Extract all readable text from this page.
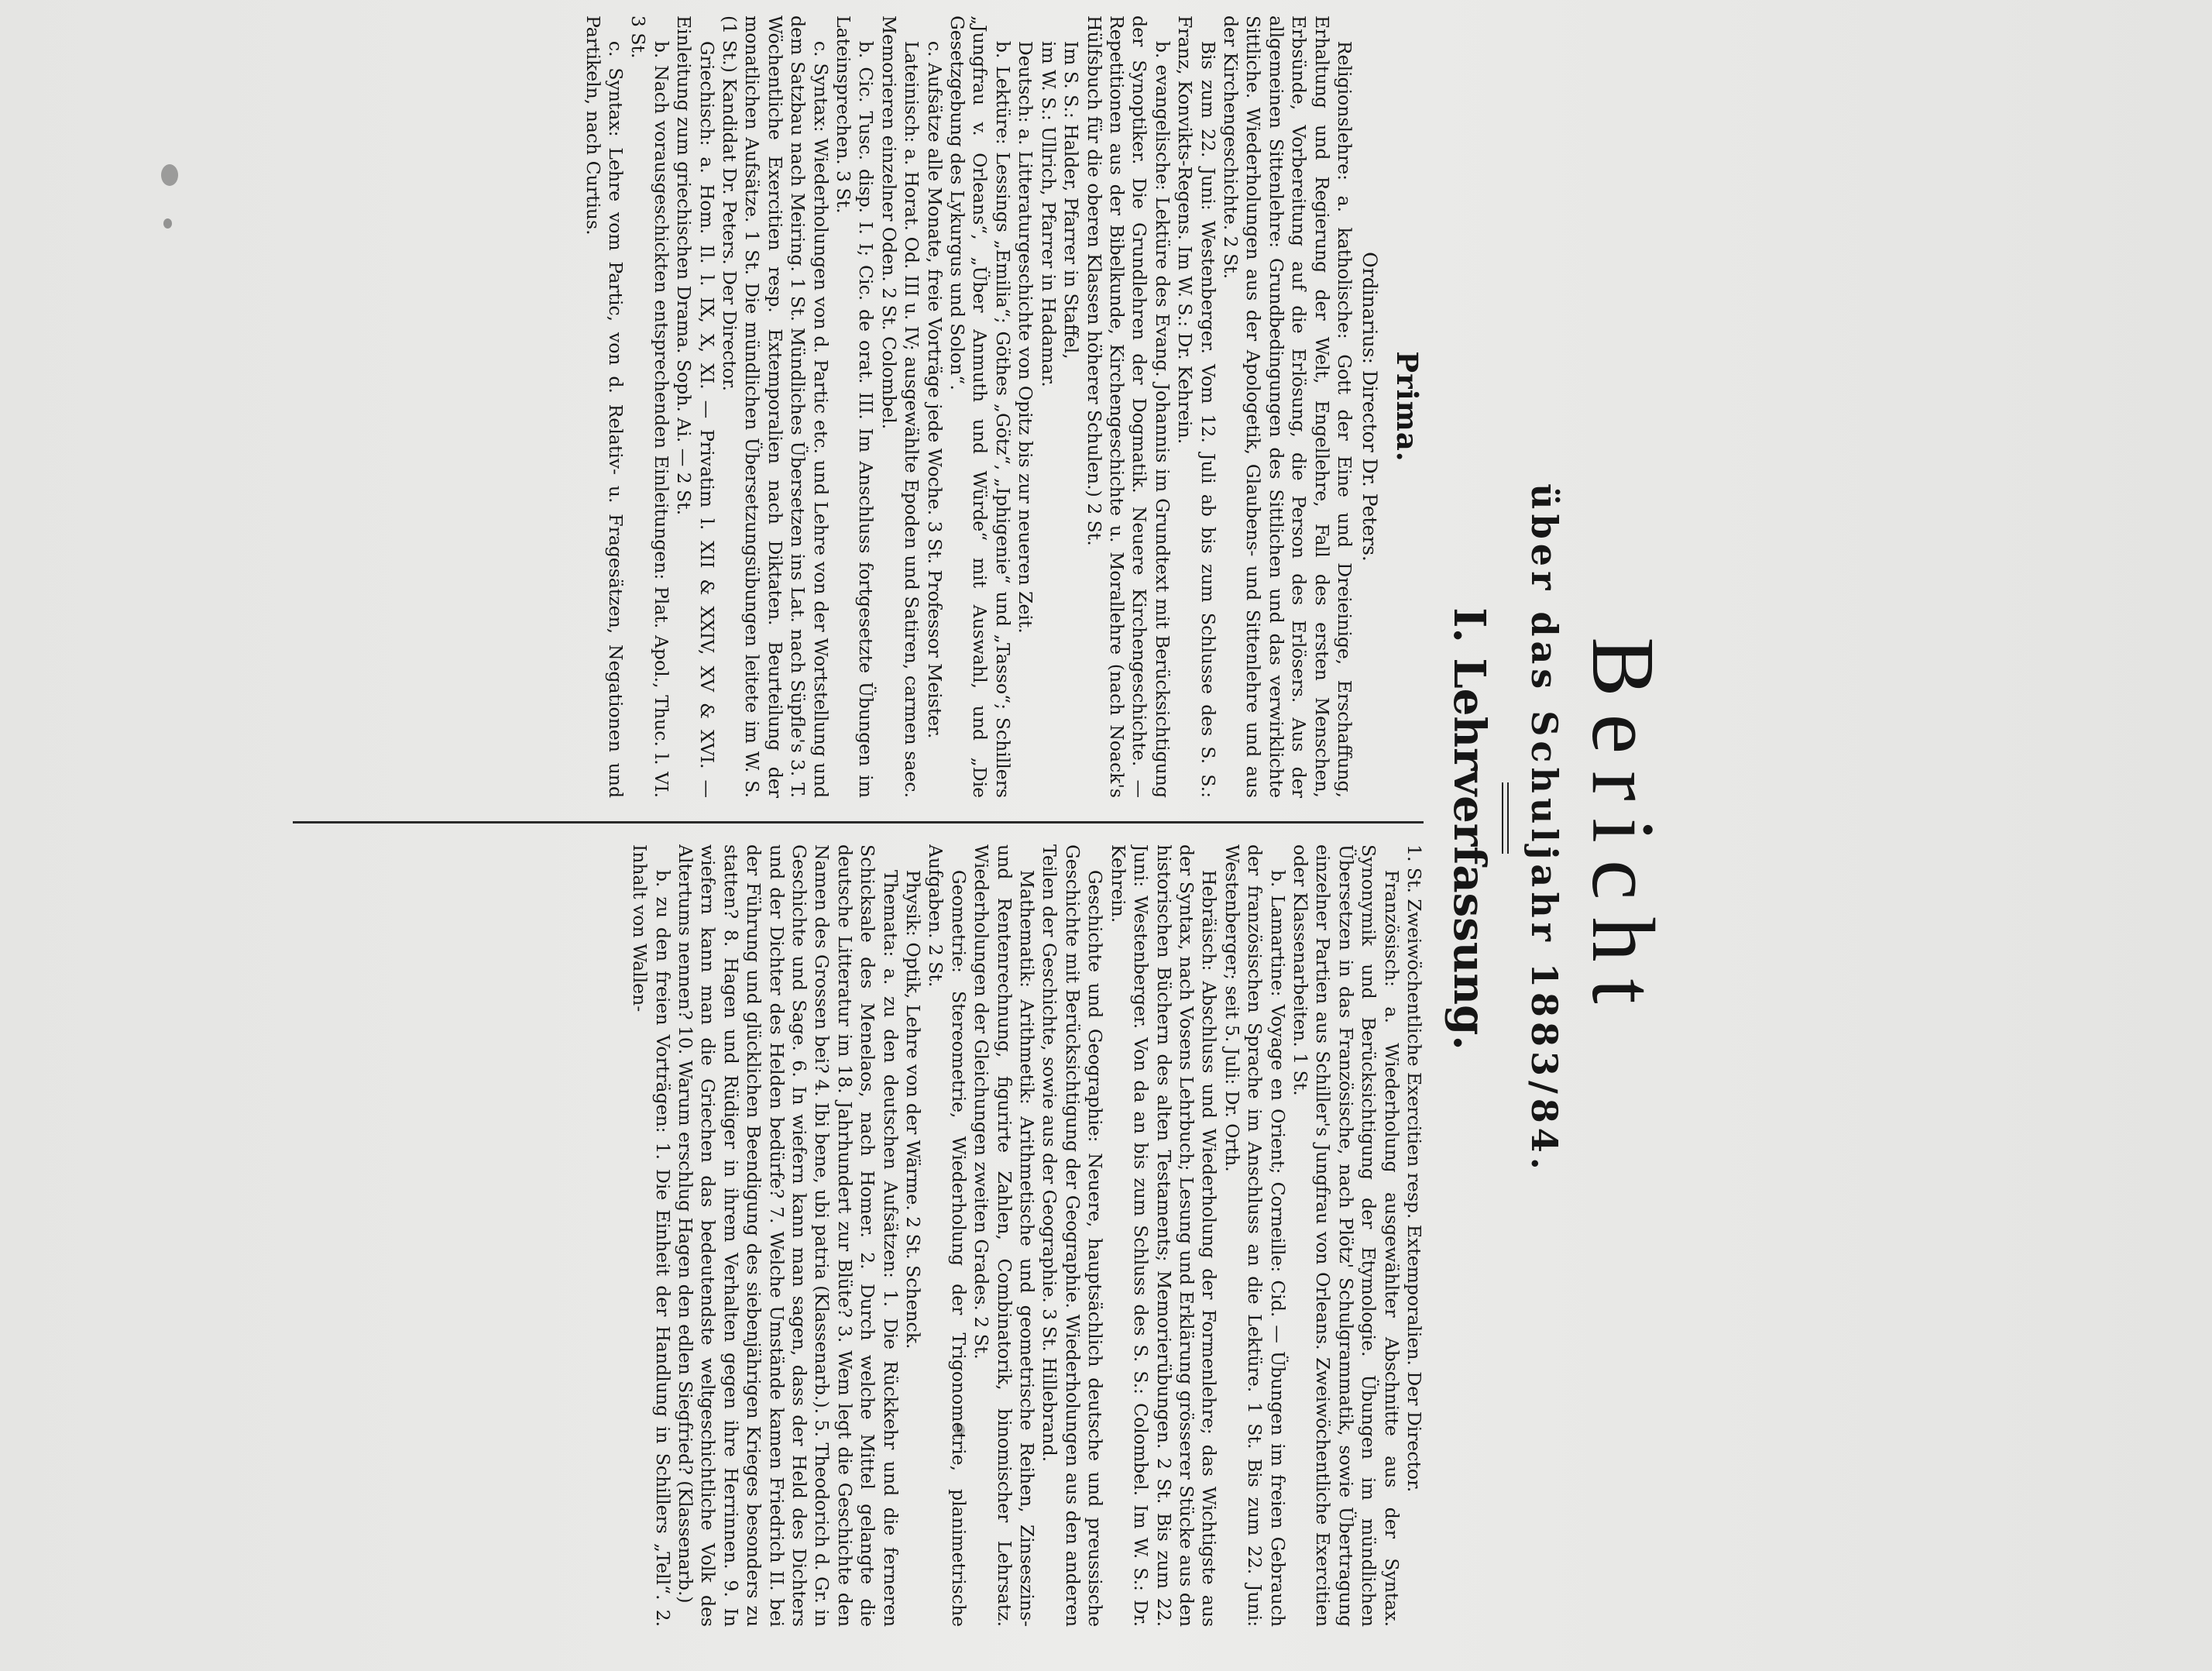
Bericht
über das Schuljahr 1883/84.
I. Lehrverfassung.
Prima.

Ordinarius: Director Dr. Peters.

Religionslehre: a. katholische: Gott der Eine und Dreieinige, Erschaffung, Erhaltung und Regierung der Welt, Engellehre, Fall des ersten Menschen, Erbsünde, Vorbereitung auf die Erlösung, die Person des Erlösers. Aus der allgemeinen Sittenlehre: Grundbedingungen des Sittlichen und das verwirklichte Sittliche. Wiederholungen aus der Apologetik, Glaubens- und Sittenlehre und aus der Kirchengeschichte. 2 St.

Bis zum 22. Juni: Westenberger. Vom 12. Juli ab bis zum Schlusse des S. S.: Franz, Konvikts-Regens. Im W. S.: Dr. Kehrein.

b. evangelische: Lektüre des Evang. Johannis im Grundtext mit Berücksichtigung der Synoptiker. Die Grundlehren der Dogmatik. Neuere Kirchengeschichte. — Repetitionen aus der Bibelkunde, Kirchengeschichte u. Morallehre (nach Noack's Hülfsbuch für die oberen Klassen höherer Schulen.) 2 St.

Im S. S.: Halder, Pfarrer in Staffel,

im W. S.: Ullrich, Pfarrer in Hadamar.

Deutsch: a. Litteraturgeschichte von Opitz bis zur neueren Zeit.

b. Lektüre: Lessings „Emilia“; Göthes „Götz“, „Iphigenie“ und „Tasso“; Schillers „Jungfrau v. Orleans“, „Über Anmuth und Würde“ mit Auswahl, und „Die Gesetzgebung des Lykurgus und Solon“.

c. Aufsätze alle Monate, freie Vorträge jede Woche. 3 St. Professor Meister.

Lateinisch: a. Horat. Od. III u. IV; ausgewählte Epoden und Satiren, carmen saec. Memorieren einzelner Oden. 2 St. Colombel.

b. Cic. Tusc. disp. I. I; Cic. de orat. III. Im Anschluss fortgesetzte Übungen im Lateinsprechen. 3 St.

c. Syntax: Wiederholungen von d. Partic etc. und Lehre von der Wortstellung und dem Satzbau nach Meiring. 1 St. Mündliches Übersetzen ins Lat. nach Süpfle's 3. T. Wöchentliche Exercitien resp. Extemporalien nach Diktaten. Beurteilung der monatlichen Aufsätze. 1 St. Die mündlichen Übersetzungsübungen leitete im W. S. (1 St.) Kandidat Dr. Peters. Der Director.

Griechisch: a. Hom. Il. l. IX, X, XI. — Privatim l. XII & XXIV, XV & XVI. — Einleitung zum griechischen Drama. Soph. Ai. — 2 St.

b. Nach vorausgeschickten entsprechenden Einleitungen: Plat. Apol., Thuc. l. VI. 3 St.

c. Syntax: Lehre vom Partic, von d. Relativ- u. Fragesätzen, Negationen und Partikeln, nach Curtius.

1. St. Zweiwöchentliche Exercitien resp. Extemporalien. Der Director.

Französisch: a. Wiederholung ausgewählter Abschnitte aus der Syntax. Synonymik und Berücksichtigung der Etymologie. Übungen im mündlichen Übersetzen in das Französische, nach Plötz' Schulgrammatik, sowie Übertragung einzelner Partien aus Schiller's Jungfrau von Orleans. Zweiwöchentliche Exercitien oder Klassenarbeiten. 1 St.

b. Lamartine: Voyage en Orient; Corneille: Cid. — Übungen im freien Gebrauch der französischen Sprache im Anschluss an die Lektüre. 1 St. Bis zum 22. Juni: Westenberger; seit 5. Juli: Dr. Orth.

Hebräisch: Abschluss und Wiederholung der Formenlehre; das Wichtigste aus der Syntax, nach Vosens Lehrbuch; Lesung und Erklärung grösserer Stücke aus den historischen Büchern des alten Testaments; Memorierübungen. 2 St. Bis zum 22. Juni: Westenberger. Von da an bis zum Schluss des S. S.: Colombel. Im W. S.: Dr. Kehrein.

Geschichte und Geographie: Neuere, hauptsächlich deutsche und preussische Geschichte mit Berücksichtigung der Geographie. Wiederholungen aus den anderen Teilen der Geschichte, sowie aus der Geographie. 3 St. Hillebrand.

Mathematik: Arithmetik: Arithmetische und geometrische Reihen, Zinseszins- und Rentenrechnung, figurirte Zahlen, Combinatorik, binomischer Lehrsatz. Wiederholungen der Gleichungen zweiten Grades. 2 St.

Geometrie: Stereometrie, Wiederholung der Trigonometrie, planimetrische Aufgaben. 2 St.

Physik: Optik, Lehre von der Wärme. 2 St. Schenck.

Themata: a. zu den deutschen Aufsätzen: 1. Die Rückkehr und die ferneren Schicksale des Menelaos, nach Homer. 2. Durch welche Mittel gelangte die deutsche Litteratur im 18. Jahrhundert zur Blüte? 3. Wem legt die Geschichte den Namen des Grossen bei? 4. Ibi bene, ubi patria (Klassenarb.). 5. Theodorich d. Gr. in Geschichte und Sage. 6. In wiefern kann man sagen, dass der Held des Dichters und der Dichter des Helden bedürfe? 7. Welche Umstände kamen Friedrich II. bei der Führung und glücklichen Beendigung des siebenjährigen Krieges besonders zu statten? 8. Hagen und Rüdiger in ihrem Verhalten gegen ihre Herrinnen. 9. In wiefern kann man die Griechen das bedeutendste weltgeschichtliche Volk des Altertums nennen? 10. Warum erschlug Hagen den edlen Siegfried? (Klassenarb.)

b. zu den freien Vorträgen: 1. Die Einheit der Handlung in Schillers „Tell“. 2. Inhalt von Wallen-
